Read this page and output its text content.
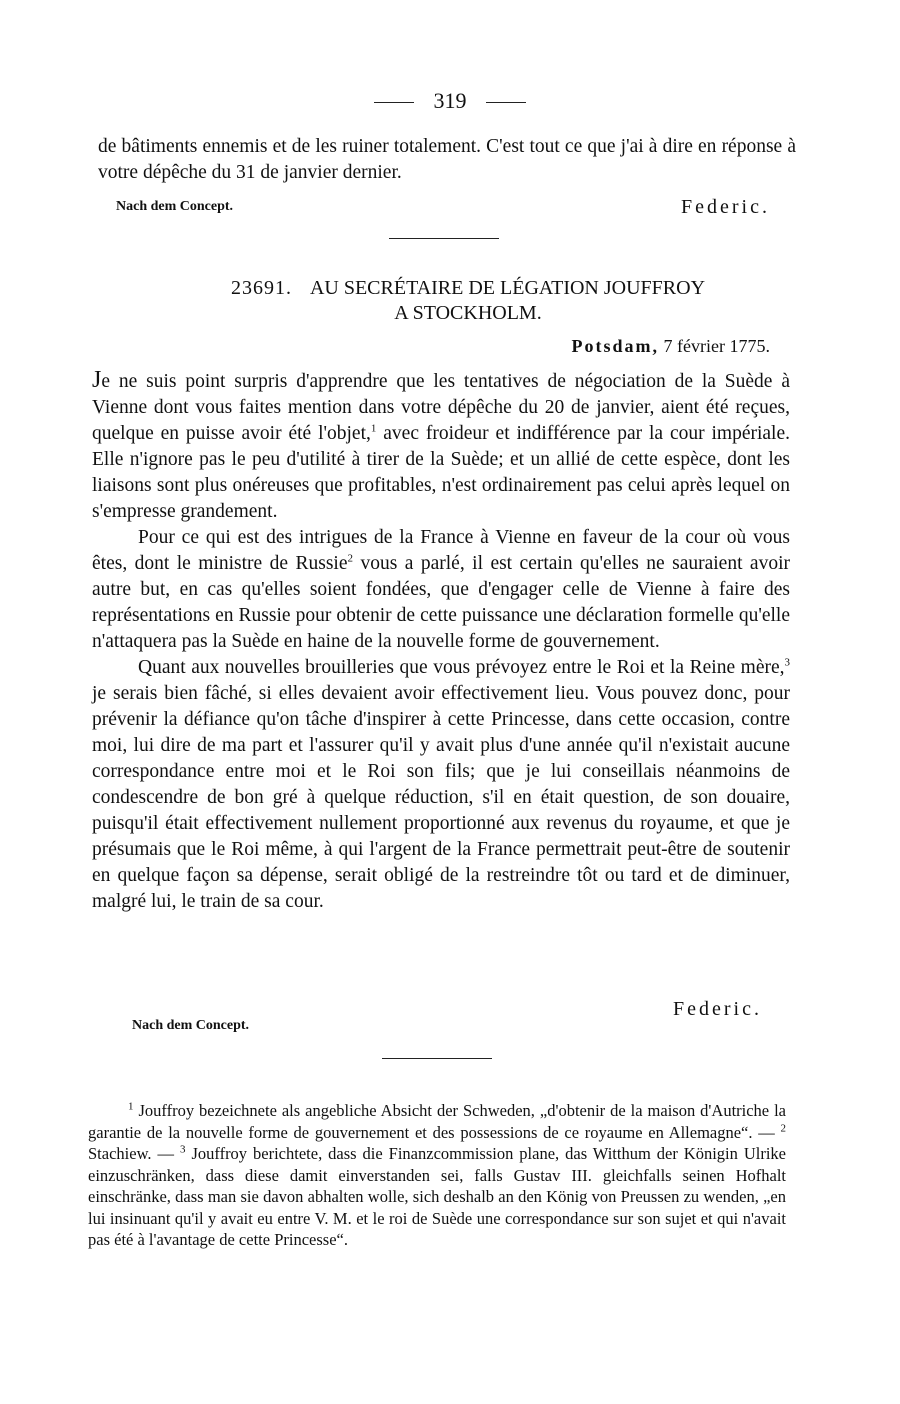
319
de bâtiments ennemis et de les ruiner totalement. C'est tout ce que j'ai à dire en réponse à votre dépêche du 31 de janvier dernier.
Nach dem Concept.	Federic.
23691. AU SECRÉTAIRE DE LÉGATION JOUFFROY
A STOCKHOLM.
Potsdam, 7 février 1775.

Je ne suis point surpris d'apprendre que les tentatives de négociation de la Suède à Vienne dont vous faites mention dans votre dépêche du 20 de janvier, aient été reçues, quelque en puisse avoir été l'objet,$^1$ avec froideur et indifférence par la cour impériale. Elle n'ignore pas le peu d'utilité à tirer de la Suède; et un allié de cette espèce, dont les liaisons sont plus onéreuses que profitables, n'est ordinairement pas celui après lequel on s'empresse grandement.

Pour ce qui est des intrigues de la France à Vienne en faveur de la cour où vous êtes, dont le ministre de Russie$^2$ vous a parlé, il est certain qu'elles ne sauraient avoir autre but, en cas qu'elles soient fondées, que d'engager celle de Vienne à faire des représentations en Russie pour obtenir de cette puissance une déclaration formelle qu'elle n'attaquera pas la Suède en haine de la nouvelle forme de gouvernement.

Quant aux nouvelles brouilleries que vous prévoyez entre le Roi et la Reine mère,$^3$ je serais bien fâché, si elles devaient avoir effectivement lieu. Vous pouvez donc, pour prévenir la défiance qu'on tâche d'inspirer à cette Princesse, dans cette occasion, contre moi, lui dire de ma part et l'assurer qu'il y avait plus d'une année qu'il n'existait aucune correspondance entre moi et le Roi son fils; que je lui conseillais néanmoins de condescendre de bon gré à quelque réduction, s'il en était question, de son douaire, puisqu'il était effectivement nullement proportionné aux revenus du royaume, et que je présumais que le Roi même, à qui l'argent de la France permettrait peut-être de soutenir en quelque façon sa dépense, serait obligé de la restreindre tôt ou tard et de diminuer, malgré lui, le train de sa cour.

Federic.
Nach dem Concept.

$^1$ Jouffroy bezeichnete als angebliche Absicht der Schweden, „d'obtenir de la maison d'Autriche la garantie de la nouvelle forme de gouvernement et des possessions de ce royaume en Allemagne“. — $^2$ Stachiew. — $^3$ Jouffroy berichtete, dass die Finanzcommission plane, das Witthum der Königin Ulrike einzuschränken, dass diese damit einverstanden sei, falls Gustav III. gleichfalls seinen Hofhalt einschränke, dass man sie davon abhalten wolle, sich deshalb an den König von Preussen zu wenden, „en lui insinuant qu'il y avait eu entre V. M. et le roi de Suède une correspondance sur son sujet et qui n'avait pas été à l'avantage de cette Princesse“.
